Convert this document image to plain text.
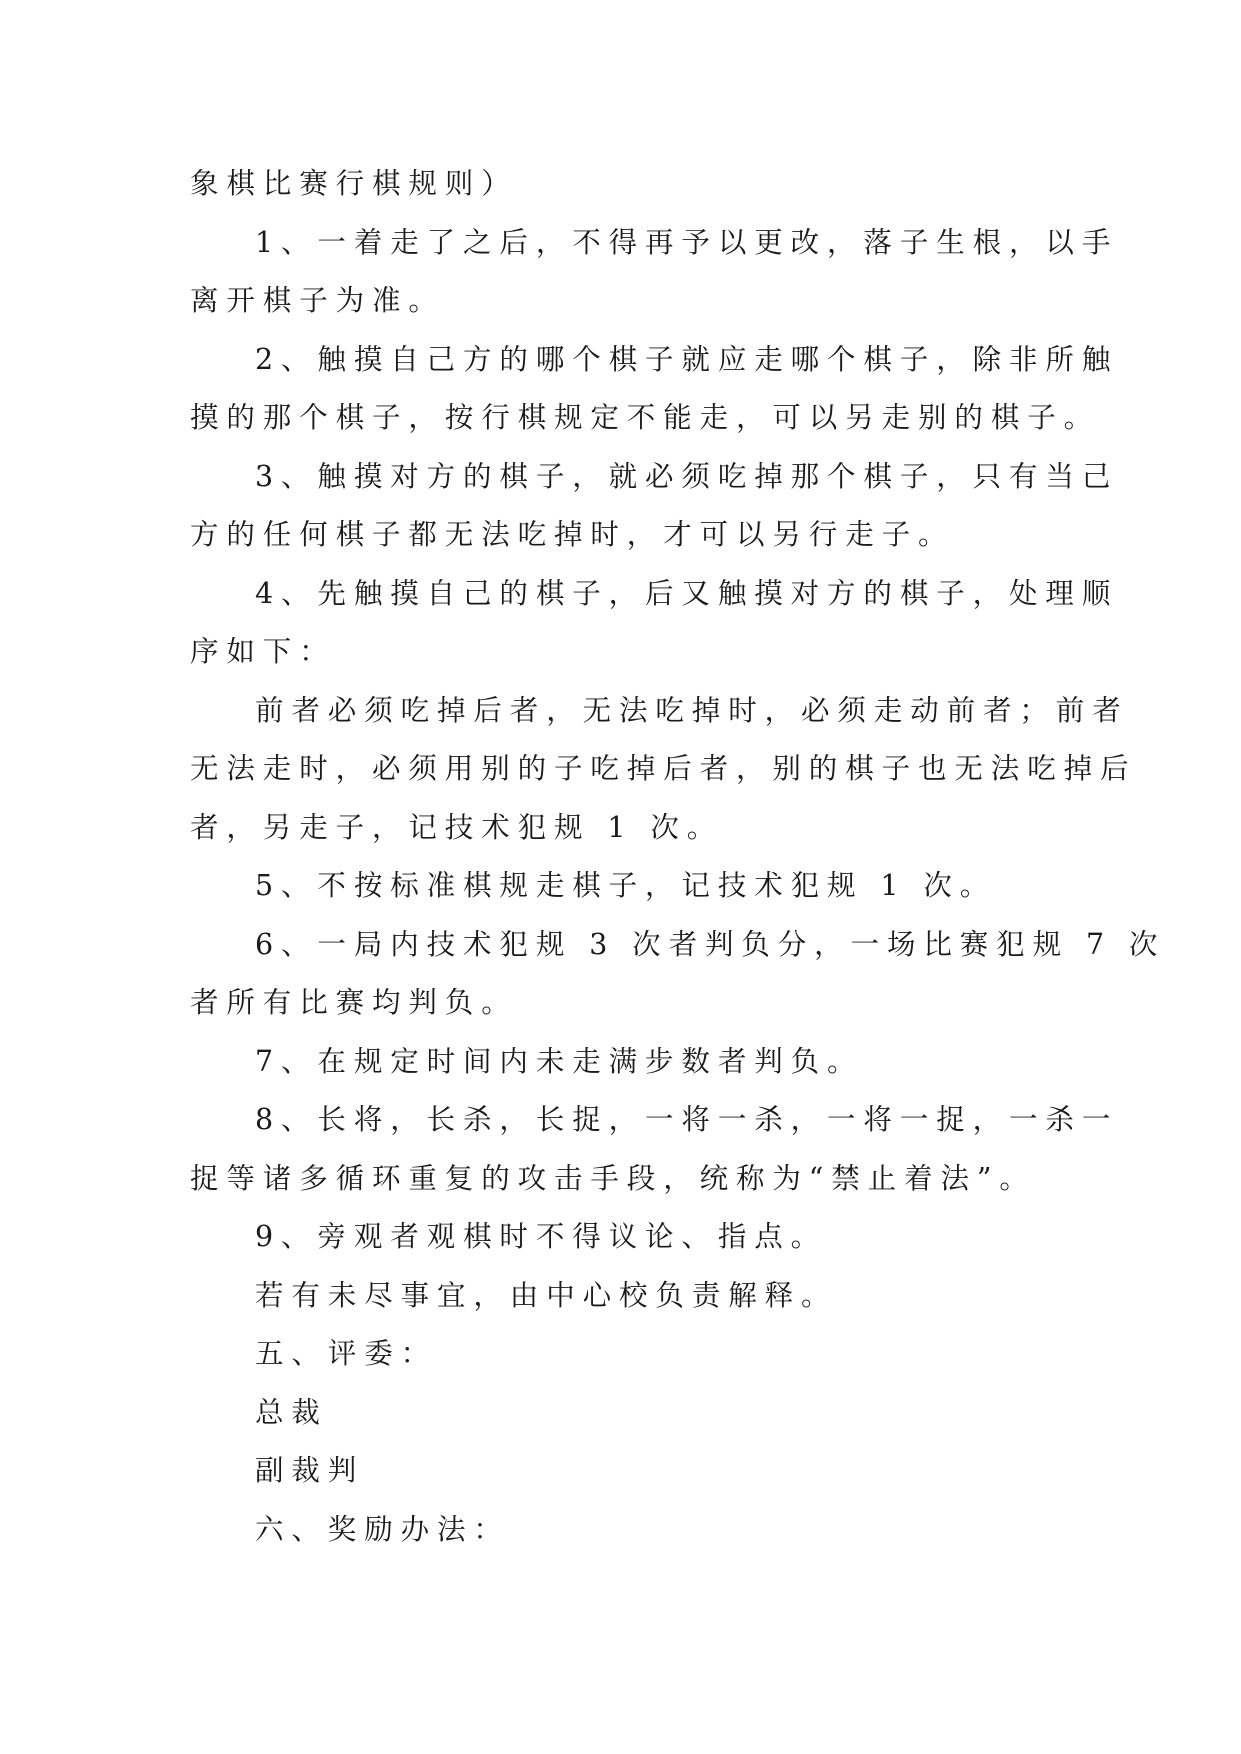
象棋比赛行棋规则）
1、一着走了之后，不得再予以更改，落子生根，以手
离开棋子为准。
2、触摸自己方的哪个棋子就应走哪个棋子，除非所触
摸的那个棋子，按行棋规定不能走，可以另走别的棋子。
3、触摸对方的棋子，就必须吃掉那个棋子，只有当己
方的任何棋子都无法吃掉时，才可以另行走子。
4、先触摸自己的棋子，后又触摸对方的棋子，处理顺
序如下：
前者必须吃掉后者，无法吃掉时，必须走动前者；前者
无法走时，必须用别的子吃掉后者，别的棋子也无法吃掉后
者，另走子，记技术犯规 1 次。
5、不按标准棋规走棋子，记技术犯规 1 次。
6、一局内技术犯规 3 次者判负分，一场比赛犯规 7 次
者所有比赛均判负。
7、在规定时间内未走满步数者判负。
8、长将，长杀，长捉，一将一杀，一将一捉，一杀一
捉等诸多循环重复的攻击手段，统称为“禁止着法”。
9、旁观者观棋时不得议论、指点。
若有未尽事宜，由中心校负责解释。
五、评委：
总裁
副裁判
六、奖励办法：
